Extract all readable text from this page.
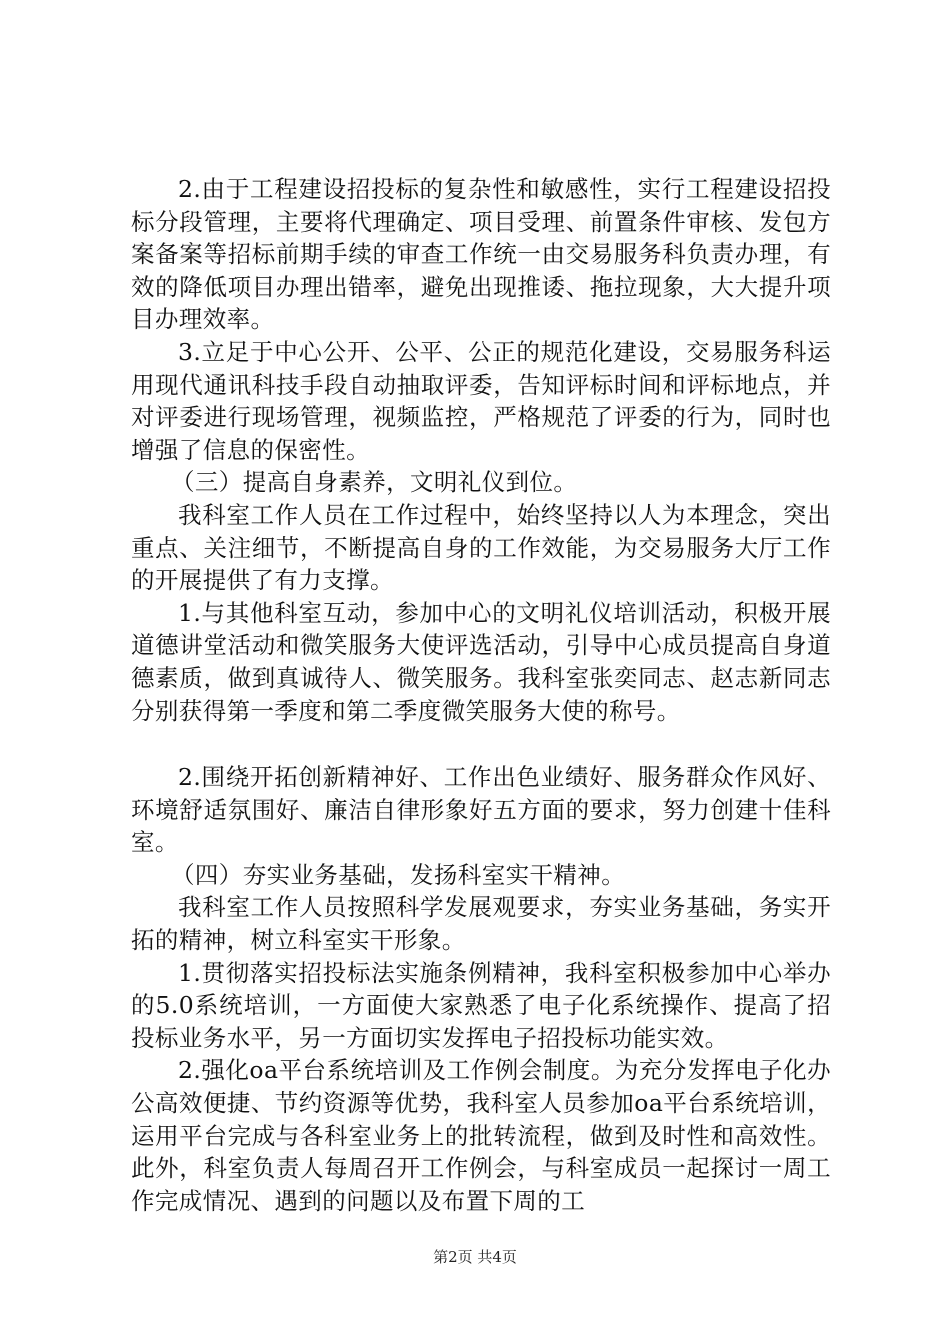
2.由于工程建设招投标的复杂性和敏感性，实行工程建设招投标分段管理，主要将代理确定、项目受理、前置条件审核、发包方案备案等招标前期手续的审查工作统一由交易服务科负责办理，有效的降低项目办理出错率，避免出现推诿、拖拉现象，大大提升项目办理效率。

3.立足于中心公开、公平、公正的规范化建设，交易服务科运用现代通讯科技手段自动抽取评委，告知评标时间和评标地点，并对评委进行现场管理，视频监控，严格规范了评委的行为，同时也增强了信息的保密性。

（三）提高自身素养，文明礼仪到位。

我科室工作人员在工作过程中，始终坚持以人为本理念，突出重点、关注细节，不断提高自身的工作效能，为交易服务大厅工作的开展提供了有力支撑。

1.与其他科室互动，参加中心的文明礼仪培训活动，积极开展道德讲堂活动和微笑服务大使评选活动，引导中心成员提高自身道德素质，做到真诚待人、微笑服务。我科室张奕同志、赵志新同志分别获得第一季度和第二季度微笑服务大使的称号。

2.围绕开拓创新精神好、工作出色业绩好、服务群众作风好、环境舒适氛围好、廉洁自律形象好五方面的要求，努力创建十佳科室。

（四）夯实业务基础，发扬科室实干精神。

我科室工作人员按照科学发展观要求，夯实业务基础，务实开拓的精神，树立科室实干形象。

1.贯彻落实招投标法实施条例精神，我科室积极参加中心举办的5.0系统培训，一方面使大家熟悉了电子化系统操作、提高了招投标业务水平，另一方面切实发挥电子招投标功能实效。

2.强化oa平台系统培训及工作例会制度。为充分发挥电子化办公高效便捷、节约资源等优势，我科室人员参加oa平台系统培训，运用平台完成与各科室业务上的批转流程，做到及时性和高效性。此外，科室负责人每周召开工作例会，与科室成员一起探讨一周工作完成情况、遇到的问题以及布置下周的工

第2页 共4页
